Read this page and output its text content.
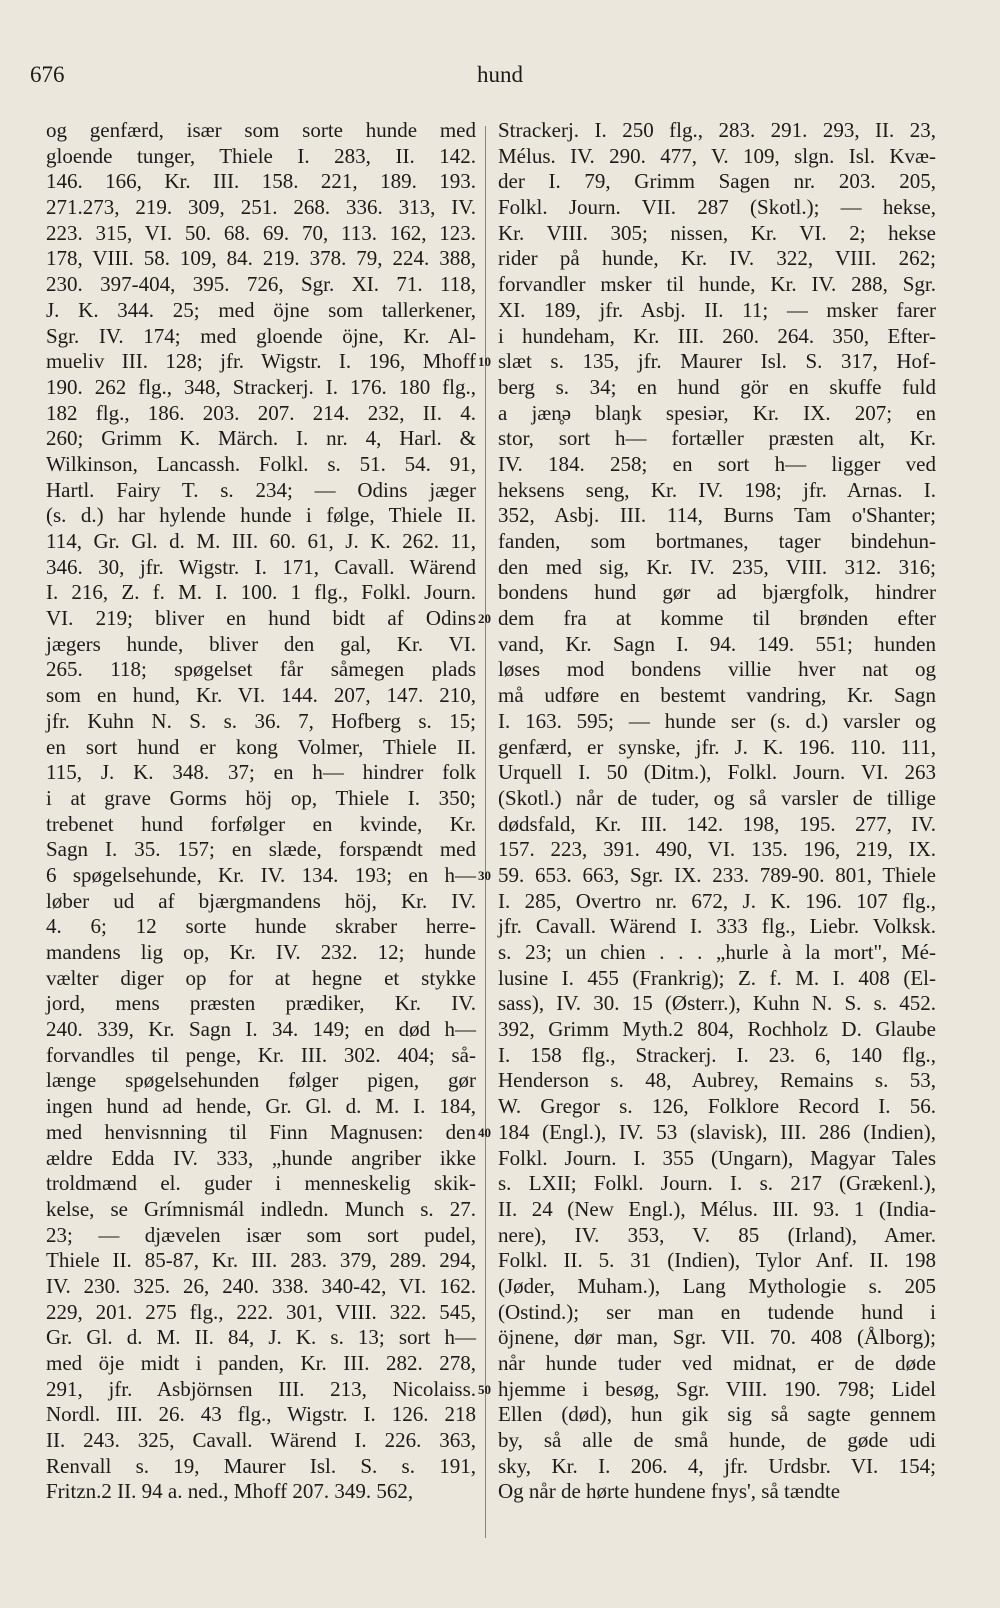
676	hund
og genfærd, især som sorte hunde med
gloende tunger, Thiele I. 283, II. 142.
146. 166, Kr. III. 158. 221, 189. 193.
271.273, 219. 309, 251. 268. 336. 313, IV.
223. 315, VI. 50. 68. 69. 70, 113. 162, 123.
178, VIII. 58. 109, 84. 219. 378. 79, 224. 388,
230. 397-404, 395. 726, Sgr. XI. 71. 118,
J. K. 344. 25; med öjne som tallerkener,
Sgr. IV. 174; med gloende öjne, Kr. Al-
mueliv III. 128; jfr. Wigstr. I. 196, Mhoff
190. 262 flg., 348, Strackerj. I. 176. 180 flg.,
182 flg., 186. 203. 207. 214. 232, II. 4.
260; Grimm K. Märch. I. nr. 4, Harl. &
Wilkinson, Lancassh. Folkl. s. 51. 54. 91,
Hartl. Fairy T. s. 234; — Odins jæger
(s. d.) har hylende hunde i følge, Thiele II.
114, Gr. Gl. d. M. III. 60. 61, J. K. 262. 11,
346. 30, jfr. Wigstr. I. 171, Cavall. Wärend
I. 216, Z. f. M. I. 100. 1 flg., Folkl. Journ.
VI. 219; bliver en hund bidt af Odins
jægers hunde, bliver den gal, Kr. VI.
265. 118; spøgelset får såmegen plads
som en hund, Kr. VI. 144. 207, 147. 210,
jfr. Kuhn N. S. s. 36. 7, Hofberg s. 15;
en sort hund er kong Volmer, Thiele II.
115, J. K. 348. 37; en h— hindrer folk
i at grave Gorms höj op, Thiele I. 350;
trebenet hund forfølger en kvinde, Kr.
Sagn I. 35. 157; en slæde, forspændt med
6 spøgelsehunde, Kr. IV. 134. 193; en h—
løber ud af bjærgmandens höj, Kr. IV.
4. 6; 12 sorte hunde skraber herre-
mandens lig op, Kr. IV. 232. 12; hunde
vælter diger op for at hegne et stykke
jord, mens præsten prædiker, Kr. IV.
240. 339, Kr. Sagn I. 34. 149; en død h—
forvandles til penge, Kr. III. 302. 404; så-
længe spøgelsehunden følger pigen, gør
ingen hund ad hende, Gr. Gl. d. M. I. 184,
med henvisnning til Finn Magnusen: den
ældre Edda IV. 333, „hunde angriber ikke
troldmænd el. guder i menneskelig skik-
kelse, se Grímnismál indledn. Munch s. 27.
23; — djævelen især som sort pudel,
Thiele II. 85-87, Kr. III. 283. 379, 289. 294,
IV. 230. 325. 26, 240. 338. 340-42, VI. 162.
229, 201. 275 flg., 222. 301, VIII. 322. 545,
Gr. Gl. d. M. II. 84, J. K. s. 13; sort h—
med öje midt i panden, Kr. III. 282. 278,
291, jfr. Asbjörnsen III. 213, Nicolaiss.
Nordl. III. 26. 43 flg., Wigstr. I. 126. 218
II. 243. 325, Cavall. Wärend I. 226. 363,
Renvall s. 19, Maurer Isl. S. s. 191,
Fritzn.2 II. 94 a. ned., Mhoff 207. 349. 562,
Strackerj. I. 250 flg., 283. 291. 293, II. 23,
Mélus. IV. 290. 477, V. 109, slgn. Isl. Kvæ-
der I. 79, Grimm Sagen nr. 203. 205,
Folkl. Journ. VII. 287 (Skotl.); — hekse,
Kr. VIII. 305; nissen, Kr. VI. 2; hekse
rider på hunde, Kr. IV. 322, VIII. 262;
forvandler msker til hunde, Kr. IV. 288, Sgr.
XI. 189, jfr. Asbj. II. 11; — msker farer
i hundeham, Kr. III. 260. 264. 350, Efter-
slæt s. 135, jfr. Maurer Isl. S. 317, Hof-
berg s. 34; en hund gör en skuffe fuld
a jæn̥ə blaŋk spesiər, Kr. IX. 207; en
stor, sort h— fortæller præsten alt, Kr.
IV. 184. 258; en sort h— ligger ved
heksens seng, Kr. IV. 198; jfr. Arnas. I.
352, Asbj. III. 114, Burns Tam o'Shanter;
fanden, som bortmanes, tager bindehun-
den med sig, Kr. IV. 235, VIII. 312. 316;
bondens hund gør ad bjærgfolk, hindrer
dem fra at komme til brønden efter
vand, Kr. Sagn I. 94. 149. 551; hunden
løses mod bondens villie hver nat og
må udføre en bestemt vandring, Kr. Sagn
I. 163. 595; — hunde ser (s. d.) varsler og
genfærd, er synske, jfr. J. K. 196. 110. 111,
Urquell I. 50 (Ditm.), Folkl. Journ. VI. 263
(Skotl.) når de tuder, og så varsler de tillige
dødsfald, Kr. III. 142. 198, 195. 277, IV.
157. 223, 391. 490, VI. 135. 196, 219, IX.
59. 653. 663, Sgr. IX. 233. 789-90. 801, Thiele
I. 285, Overtro nr. 672, J. K. 196. 107 flg.,
jfr. Cavall. Wärend I. 333 flg., Liebr. Volksk.
s. 23; un chien . . . „hurle à la mort", Mé-
lusine I. 455 (Frankrig); Z. f. M. I. 408 (El-
sass), IV. 30. 15 (Østerr.), Kuhn N. S. s. 452.
392, Grimm Myth.2 804, Rochholz D. Glaube
I. 158 flg., Strackerj. I. 23. 6, 140 flg.,
Henderson s. 48, Aubrey, Remains s. 53,
W. Gregor s. 126, Folklore Record I. 56.
184 (Engl.), IV. 53 (slavisk), III. 286 (Indien),
Folkl. Journ. I. 355 (Ungarn), Magyar Tales
s. LXII; Folkl. Journ. I. s. 217 (Grækenl.),
II. 24 (New Engl.), Mélus. III. 93. 1 (India-
nere), IV. 353, V. 85 (Irland), Amer.
Folkl. II. 5. 31 (Indien), Tylor Anf. II. 198
(Jøder, Muham.), Lang Mythologie s. 205
(Ostind.); ser man en tudende hund i
öjnene, dør man, Sgr. VII. 70. 408 (Ålborg);
når hunde tuder ved midnat, er de døde
hjemme i besøg, Sgr. VIII. 190. 798; Lidel
Ellen (død), hun gik sig så sagte gennem
by, så alle de små hunde, de gøde udi
sky, Kr. I. 206. 4, jfr. Urdsbr. VI. 154;
Og når de hørte hundene fnys', så tændte
10
20
30
40
50
